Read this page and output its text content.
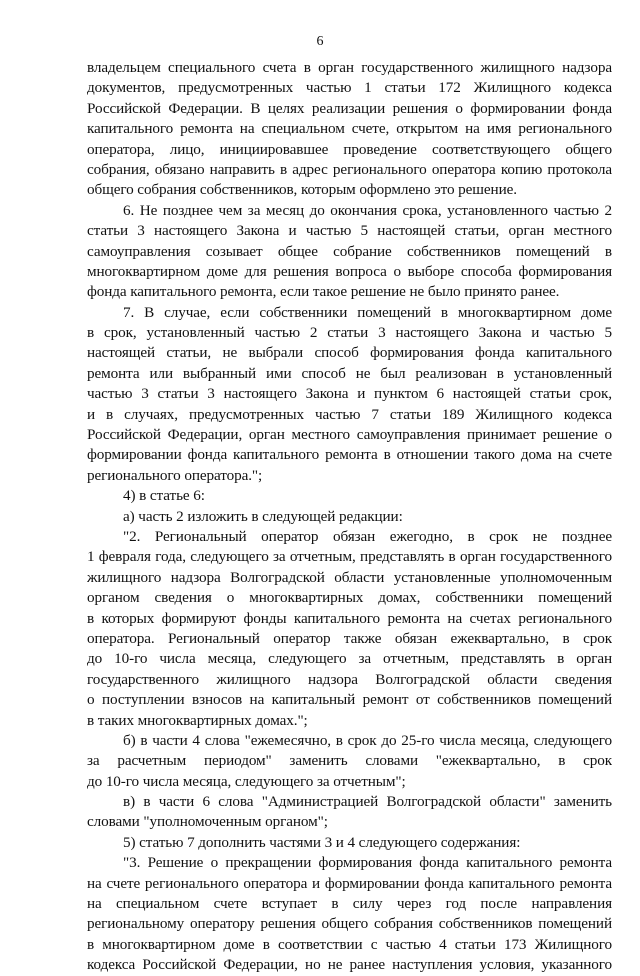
6
владельцем специального счета в орган государственного жилищного надзора
документов, предусмотренных частью 1 статьи 172 Жилищного кодекса
Российской Федерации. В целях реализации решения о формировании фонда
капитального ремонта на специальном счете, открытом на имя регионального
оператора, лицо, инициировавшее проведение соответствующего общего
собрания, обязано направить в адрес регионального оператора копию протокола
общего собрания собственников, которым оформлено это решение.
6. Не позднее чем за месяц до окончания срока, установленного частью 2
статьи 3 настоящего Закона и частью 5 настоящей статьи, орган местного
самоуправления созывает общее собрание собственников помещений в
многоквартирном доме для решения вопроса о выборе способа формирования
фонда капитального ремонта, если такое решение не было принято ранее.
7. В случае, если собственники помещений в многоквартирном доме
в срок, установленный частью 2 статьи 3 настоящего Закона и частью 5
настоящей статьи, не выбрали способ формирования фонда капитального
ремонта или выбранный ими способ не был реализован в установленный
частью 3 статьи 3 настоящего Закона и пунктом 6 настоящей статьи срок,
и в случаях, предусмотренных частью 7 статьи 189 Жилищного кодекса
Российской Федерации, орган местного самоуправления принимает решение о
формировании фонда капитального ремонта в отношении такого дома на счете
регионального оператора.";
4) в статье 6:
а) часть 2 изложить в следующей редакции:
"2. Региональный оператор обязан ежегодно, в срок не позднее
1 февраля года, следующего за отчетным, представлять в орган государственного
жилищного надзора Волгоградской области установленные уполномоченным
органом сведения о многоквартирных домах, собственники помещений
в которых формируют фонды капитального ремонта на счетах регионального
оператора. Региональный оператор также обязан ежеквартально, в срок
до 10-го числа месяца, следующего за отчетным, представлять в орган
государственного жилищного надзора Волгоградской области сведения
о поступлении взносов на капитальный ремонт от собственников помещений
в таких многоквартирных домах.";
б) в части 4 слова "ежемесячно, в срок до 25-го числа месяца, следующего
за расчетным периодом" заменить словами "ежеквартально, в срок
до 10-го числа месяца, следующего за отчетным";
в) в части 6 слова "Администрацией Волгоградской области" заменить
словами "уполномоченным органом";
5) статью 7 дополнить частями 3 и 4 следующего содержания:
"3. Решение о прекращении формирования фонда капитального ремонта
на счете регионального оператора и формировании фонда капитального ремонта
на специальном счете вступает в силу через год после направления
региональному оператору решения общего собрания собственников помещений
в многоквартирном доме в соответствии с частью 4 статьи 173 Жилищного
кодекса Российской Федерации, но не ранее наступления условия, указанного
